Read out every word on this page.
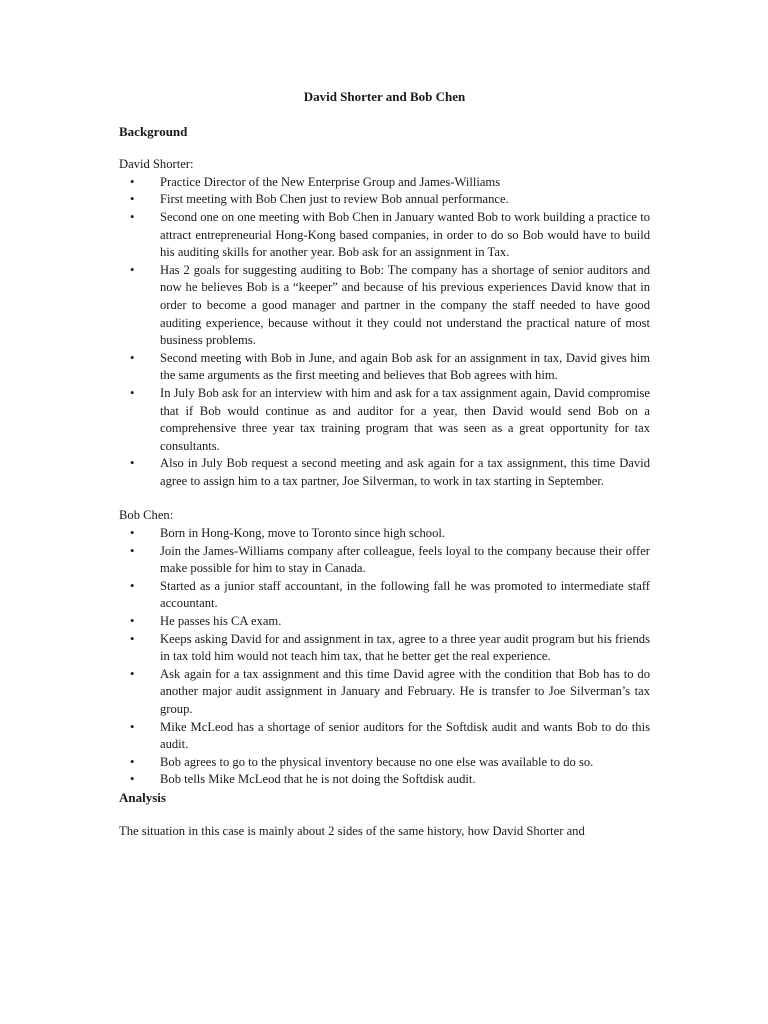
David Shorter and Bob Chen
Background
David Shorter:
• Practice Director of the New Enterprise Group and James-Williams
• First meeting with Bob Chen just to review Bob annual performance.
• Second one on one meeting with Bob Chen in January wanted Bob to work building a practice to attract entrepreneurial Hong-Kong based companies, in order to do so Bob would have to build his auditing skills for another year. Bob ask for an assignment in Tax.
• Has 2 goals for suggesting auditing to Bob: The company has a shortage of senior auditors and now he believes Bob is a “keeper” and because of his previous experiences David know that in order to become a good manager and partner in the company the staff needed to have good auditing experience, because without it they could not understand the practical nature of most business problems.
• Second meeting with Bob in June, and again Bob ask for an assignment in tax, David gives him the same arguments as the first meeting and believes that Bob agrees with him.
• In July Bob ask for an interview with him and ask for a tax assignment again, David compromise that if Bob would continue as and auditor for a year, then David would send Bob on a comprehensive three year tax training program that was seen as a great opportunity for tax consultants.
• Also in July Bob request a second meeting and ask again for a tax assignment, this time David agree to assign him to a tax partner, Joe Silverman, to work in tax starting in September.
Bob Chen:
• Born in Hong-Kong, move to Toronto since high school.
• Join the James-Williams company after colleague, feels loyal to the company because their offer make possible for him to stay in Canada.
• Started as a junior staff accountant, in the following fall he was promoted to intermediate staff accountant.
• He passes his CA exam.
• Keeps asking David for and assignment in tax, agree to a three year audit program but his friends in tax told him would not teach him tax, that he better get the real experience.
• Ask again for a tax assignment and this time David agree with the condition that Bob has to do another major audit assignment in January and February. He is transfer to Joe Silverman’s tax group.
• Mike McLeod has a shortage of senior auditors for the Softdisk audit and wants Bob to do this audit.
• Bob agrees to go to the physical inventory because no one else was available to do so.
• Bob tells Mike McLeod that he is not doing the Softdisk audit.
Analysis

The situation in this case is mainly about 2 sides of the same history, how David Shorter and
